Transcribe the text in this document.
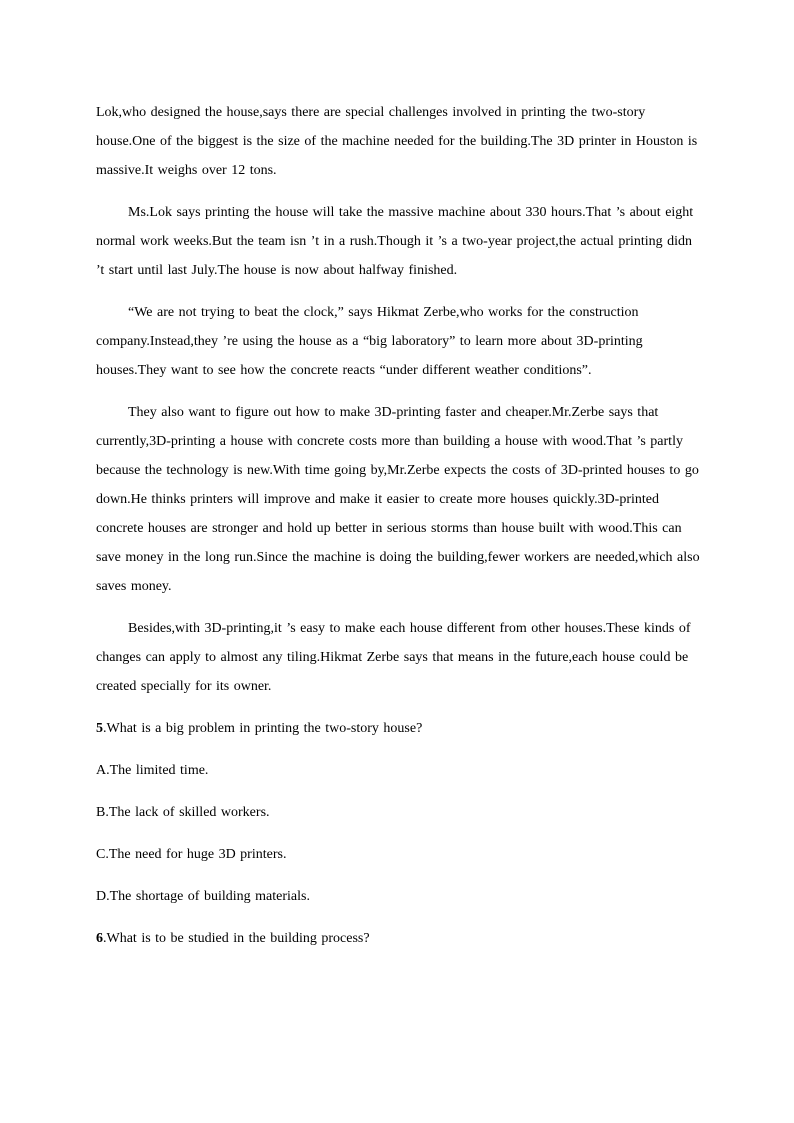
Lok,who designed the house,says there are special challenges involved in printing the two-story house.One of the biggest is the size of the machine needed for the building.The 3D printer in Houston is massive.It weighs over 12 tons.

Ms.Lok says printing the house will take the massive machine about 330 hours.That ’s about eight normal work weeks.But the team isn ’t in a rush.Though it ’s a two-year project,the actual printing didn ’t start until last July.The house is now about halfway finished.

“We are not trying to beat the clock,” says Hikmat Zerbe,who works for the construction company.Instead,they ’re using the house as a “big laboratory” to learn more about 3D-printing houses.They want to see how the concrete reacts “under different weather conditions”.

They also want to figure out how to make 3D-printing faster and cheaper.Mr.Zerbe says that currently,3D-printing a house with concrete costs more than building a house with wood.That ’s partly because the technology is new.With time going by,Mr.Zerbe expects the costs of 3D-printed houses to go down.He thinks printers will improve and make it easier to create more houses quickly.3D-printed concrete houses are stronger and hold up better in serious storms than house built with wood.This can save money in the long run.Since the machine is doing the building,fewer workers are needed,which also saves money.

Besides,with 3D-printing,it ’s easy to make each house different from other houses.These kinds of changes can apply to almost any tiling.Hikmat Zerbe says that means in the future,each house could be created specially for its owner.

5.What is a big problem in printing the two-story house?

A.The limited time.

B.The lack of skilled workers.

C.The need for huge 3D printers.

D.The shortage of building materials.

6.What is to be studied in the building process?
